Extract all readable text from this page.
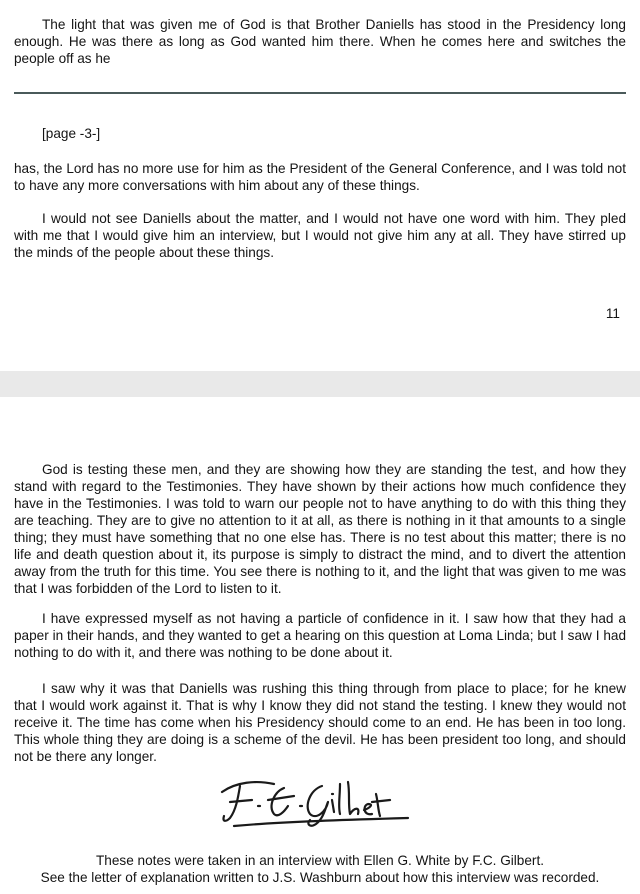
The light that was given me of God is that Brother Daniells has stood in the Presidency long enough. He was there as long as God wanted him there. When he comes here and switches the people off as he

[page -3-]

has, the Lord has no more use for him as the President of the General Conference, and I was told not to have any more conversations with him about any of these things.

I would not see Daniells about the matter, and I would not have one word with him. They pled with me that I would give him an interview, but I would not give him any at all. They have stirred up the minds of the people about these things.

11

God is testing these men, and they are showing how they are standing the test, and how they stand with regard to the Testimonies. They have shown by their actions how much confidence they have in the Testimonies. I was told to warn our people not to have anything to do with this thing they are teaching. They are to give no attention to it at all, as there is nothing in it that amounts to a single thing; they must have something that no one else has. There is no test about this matter; there is no life and death question about it, its purpose is simply to distract the mind, and to divert the attention away from the truth for this time. You see there is nothing to it, and the light that was given to me was that I was forbidden of the Lord to listen to it.

I have expressed myself as not having a particle of confidence in it. I saw how that they had a paper in their hands, and they wanted to get a hearing on this question at Loma Linda; but I saw I had nothing to do with it, and there was nothing to be done about it.

I saw why it was that Daniells was rushing this thing through from place to place; for he knew that I would work against it. That is why I know they did not stand the testing. I knew they would not receive it. The time has come when his Presidency should come to an end. He has been in too long. This whole thing they are doing is a scheme of the devil. He has been president too long, and should not be there any longer.

F. C. Gilbert
These notes were taken in an interview with Ellen G. White by F.C. Gilbert.
See the letter of explanation written to J.S. Washburn about how this interview was recorded.
